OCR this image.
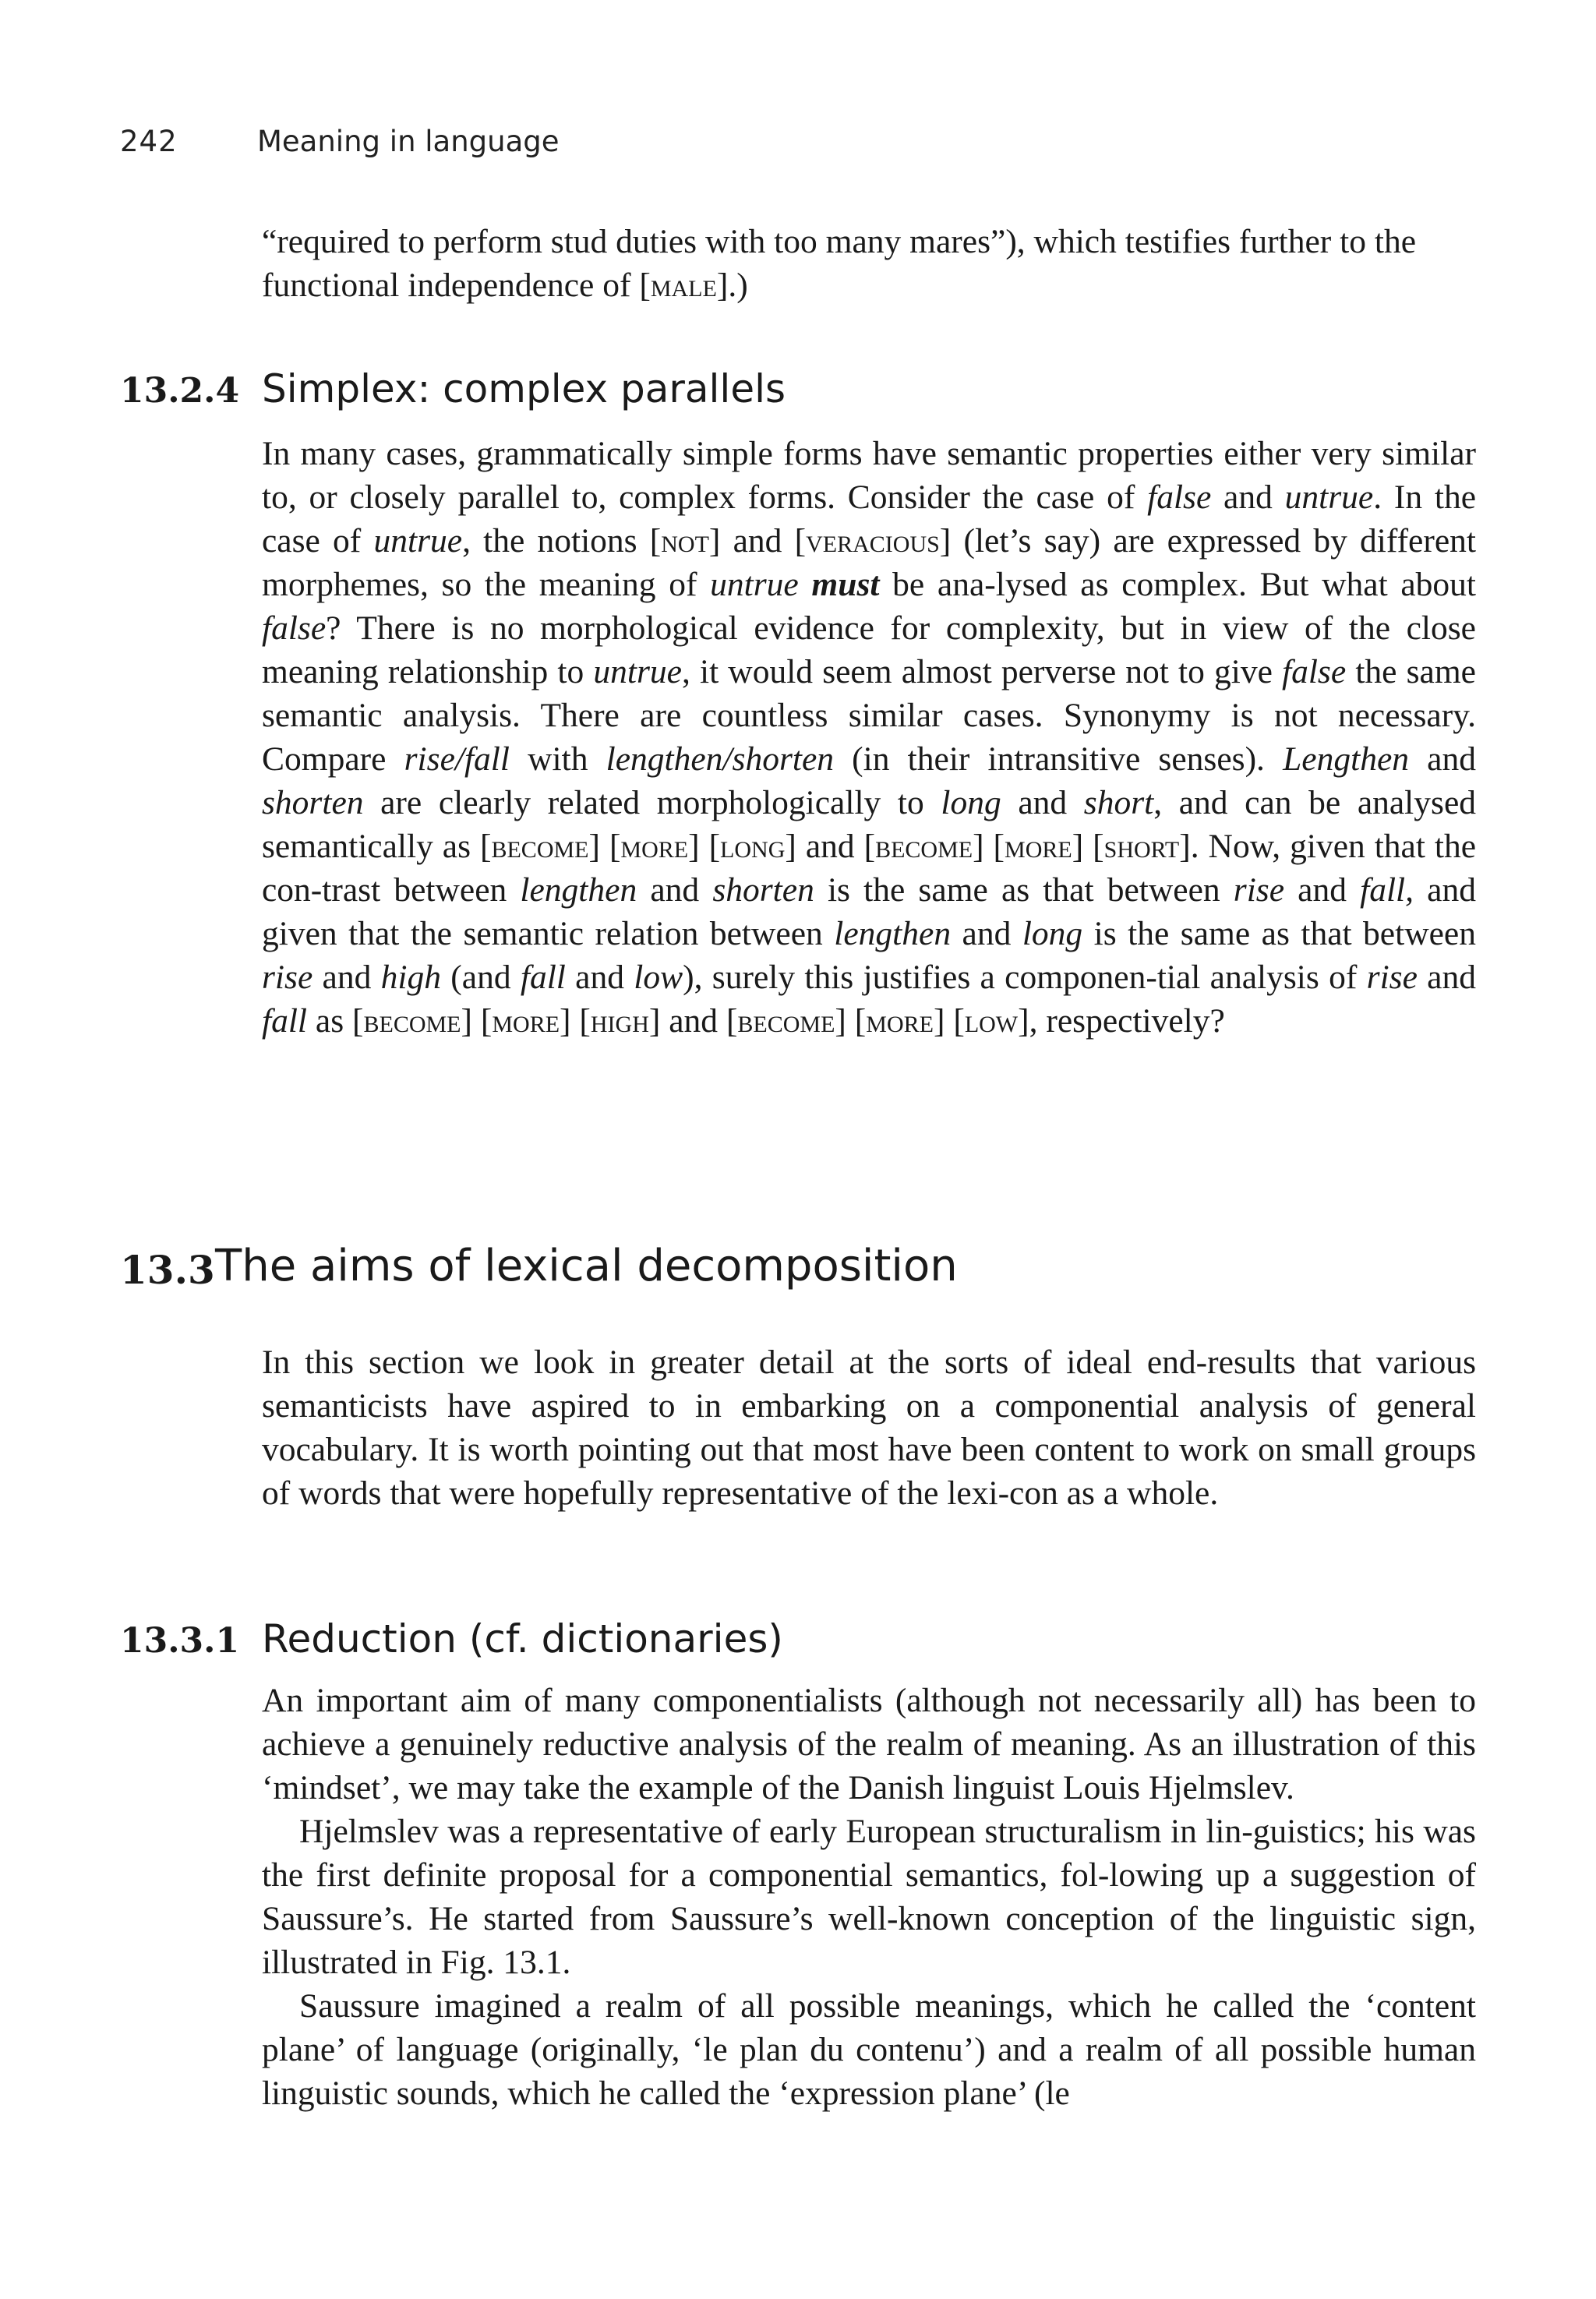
242	Meaning in language

“required to perform stud duties with too many mares”), which testifies further to the functional independence of [male].)

13.2.4 Simplex: complex parallels

In many cases, grammatically simple forms have semantic properties either very similar to, or closely parallel to, complex forms. Consider the case of false and untrue. In the case of untrue, the notions [not] and [veracious] (let’s say) are expressed by different morphemes, so the meaning of untrue must be ana-lysed as complex. But what about false? There is no morphological evidence for complexity, but in view of the close meaning relationship to untrue, it would seem almost perverse not to give false the same semantic analysis. There are countless similar cases. Synonymy is not necessary. Compare rise/fall with lengthen/shorten (in their intransitive senses). Lengthen and shorten are clearly related morphologically to long and short, and can be analysed semantically as [become] [more] [long] and [become] [more] [short]. Now, given that the con-trast between lengthen and shorten is the same as that between rise and fall, and given that the semantic relation between lengthen and long is the same as that between rise and high (and fall and low), surely this justifies a componen-tial analysis of rise and fall as [become] [more] [high] and [become] [more] [low], respectively?

13.3 The aims of lexical decomposition

In this section we look in greater detail at the sorts of ideal end-results that various semanticists have aspired to in embarking on a componential analysis of general vocabulary. It is worth pointing out that most have been content to work on small groups of words that were hopefully representative of the lexi-con as a whole.

13.3.1 Reduction (cf. dictionaries)

An important aim of many componentialists (although not necessarily all) has been to achieve a genuinely reductive analysis of the realm of meaning. As an illustration of this ‘mindset’, we may take the example of the Danish linguist Louis Hjelmslev.

Hjelmslev was a representative of early European structuralism in lin-guistics; his was the first definite proposal for a componential semantics, fol-lowing up a suggestion of Saussure’s. He started from Saussure’s well-known conception of the linguistic sign, illustrated in Fig. 13.1.

Saussure imagined a realm of all possible meanings, which he called the ‘content plane’ of language (originally, ‘le plan du contenu’) and a realm of all possible human linguistic sounds, which he called the ‘expression plane’ (le
